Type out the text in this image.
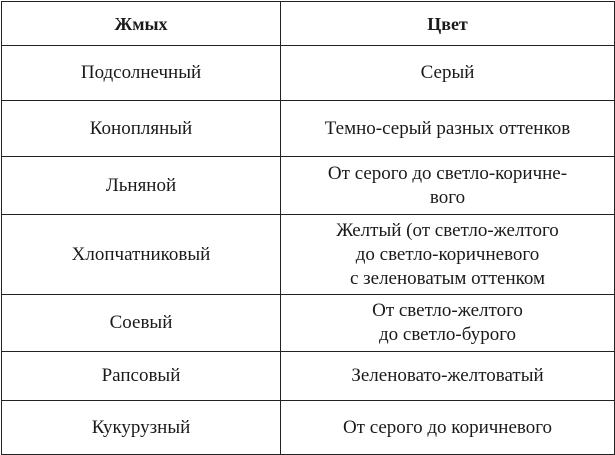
Жмых	Цвет
Подсолнечный	Серый

Конопляный	Темно-серый разных оттенков

Льняной	От серого до светло-коричне-
вого

Хлопчатниковый	Желтый (от светло-желтого
до светло-коричневого
с зеленоватым оттенком

Соевый	От светло-желтого
до светло-бурого

Рапсовый	Зеленовато-желтоватый

Кукурузный	От серого до коричневого
